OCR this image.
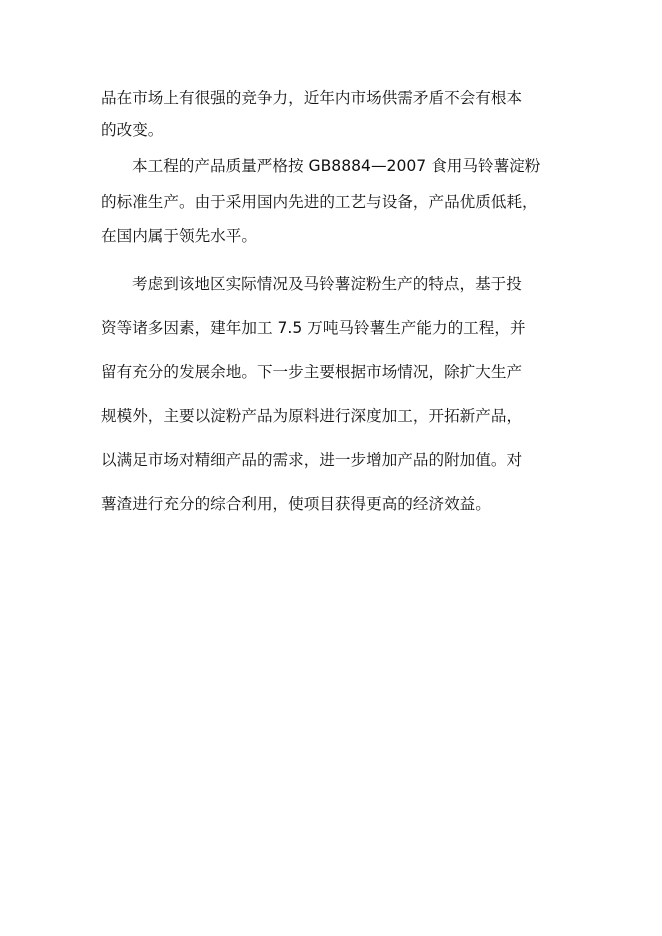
品在市场上有很强的竞争力，近年内市场供需矛盾不会有根本

的改变。

本工程的产品质量严格按 GB8884—2007 食用马铃薯淀粉

的标准生产。由于采用国内先进的工艺与设备，产品优质低耗，

在国内属于领先水平。

考虑到该地区实际情况及马铃薯淀粉生产的特点，基于投

资等诸多因素，建年加工 7.5 万吨马铃薯生产能力的工程，并

留有充分的发展余地。下一步主要根据市场情况，除扩大生产

规模外，主要以淀粉产品为原料进行深度加工，开拓新产品，

以满足市场对精细产品的需求，进一步增加产品的附加值。对

薯渣进行充分的综合利用，使项目获得更高的经济效益。
